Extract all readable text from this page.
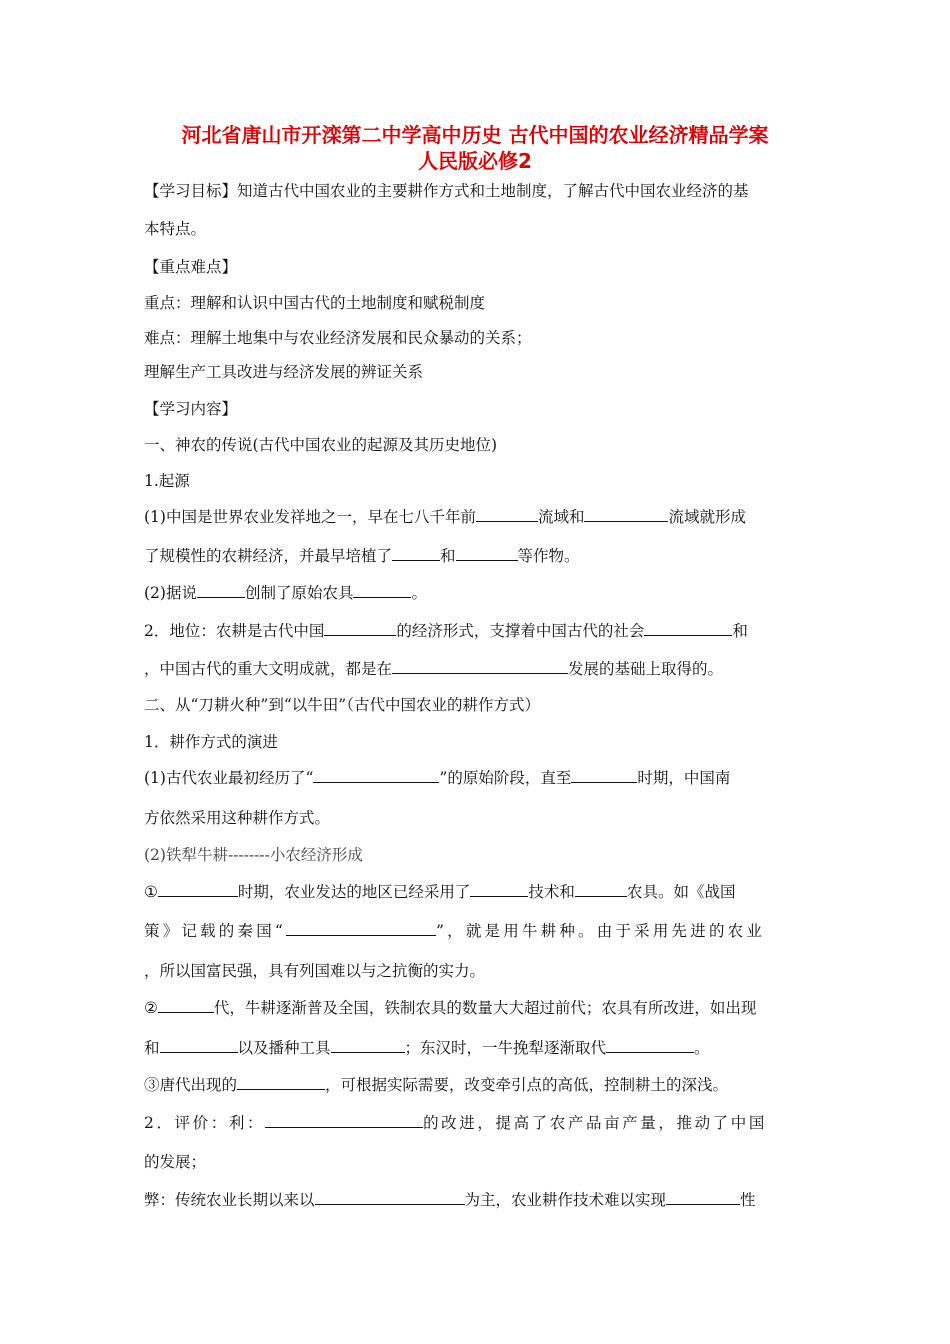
河北省唐山市开滦第二中学高中历史 古代中国的农业经济精品学案
人民版必修2
【学习目标】知道古代中国农业的主要耕作方式和土地制度，了解古代中国农业经济的基
本特点。
【重点难点】
重点：理解和认识中国古代的土地制度和赋税制度
难点：理解土地集中与农业经济发展和民众暴动的关系；
理解生产工具改进与经济发展的辨证关系
【学习内容】
一、神农的传说(古代中国农业的起源及其历史地位)
1.起源
(1)中国是世界农业发祥地之一，早在七八千年前	流域和	流域就形成
了规模性的农耕经济，并最早培植了	和	等作物。
(2)据说	创制了原始农具	。
2．地位：农耕是古代中国	的经济形式，支撑着中国古代的社会	和
，中国古代的重大文明成就，都是在	发展的基础上取得的。
二、从“刀耕火种”到“以牛田”（古代中国农业的耕作方式）
1．耕作方式的演进
(1)古代农业最初经历了“	”的原始阶段，直至	时期，中国南
方依然采用这种耕作方式。
(2)铁犁牛耕--------小农经济形成
①	时期，农业发达的地区已经采用了	技术和	农具。如《战国
策》记载的秦国“	”，就是用牛耕种。由于采用先进的农业
，所以国富民强，具有列国难以与之抗衡的实力。
②	代，牛耕逐渐普及全国，铁制农具的数量大大超过前代；农具有所改进，如出现
和	以及播种工具	；东汉时，一牛挽犁逐渐取代	。
③唐代出现的	，可根据实际需要，改变牵引点的高低，控制耕土的深浅。
2．评价：利：	的改进，提高了农产品亩产量，推动了中国
的发展；
弊：传统农业长期以来以	为主，农业耕作技术难以实现	性
